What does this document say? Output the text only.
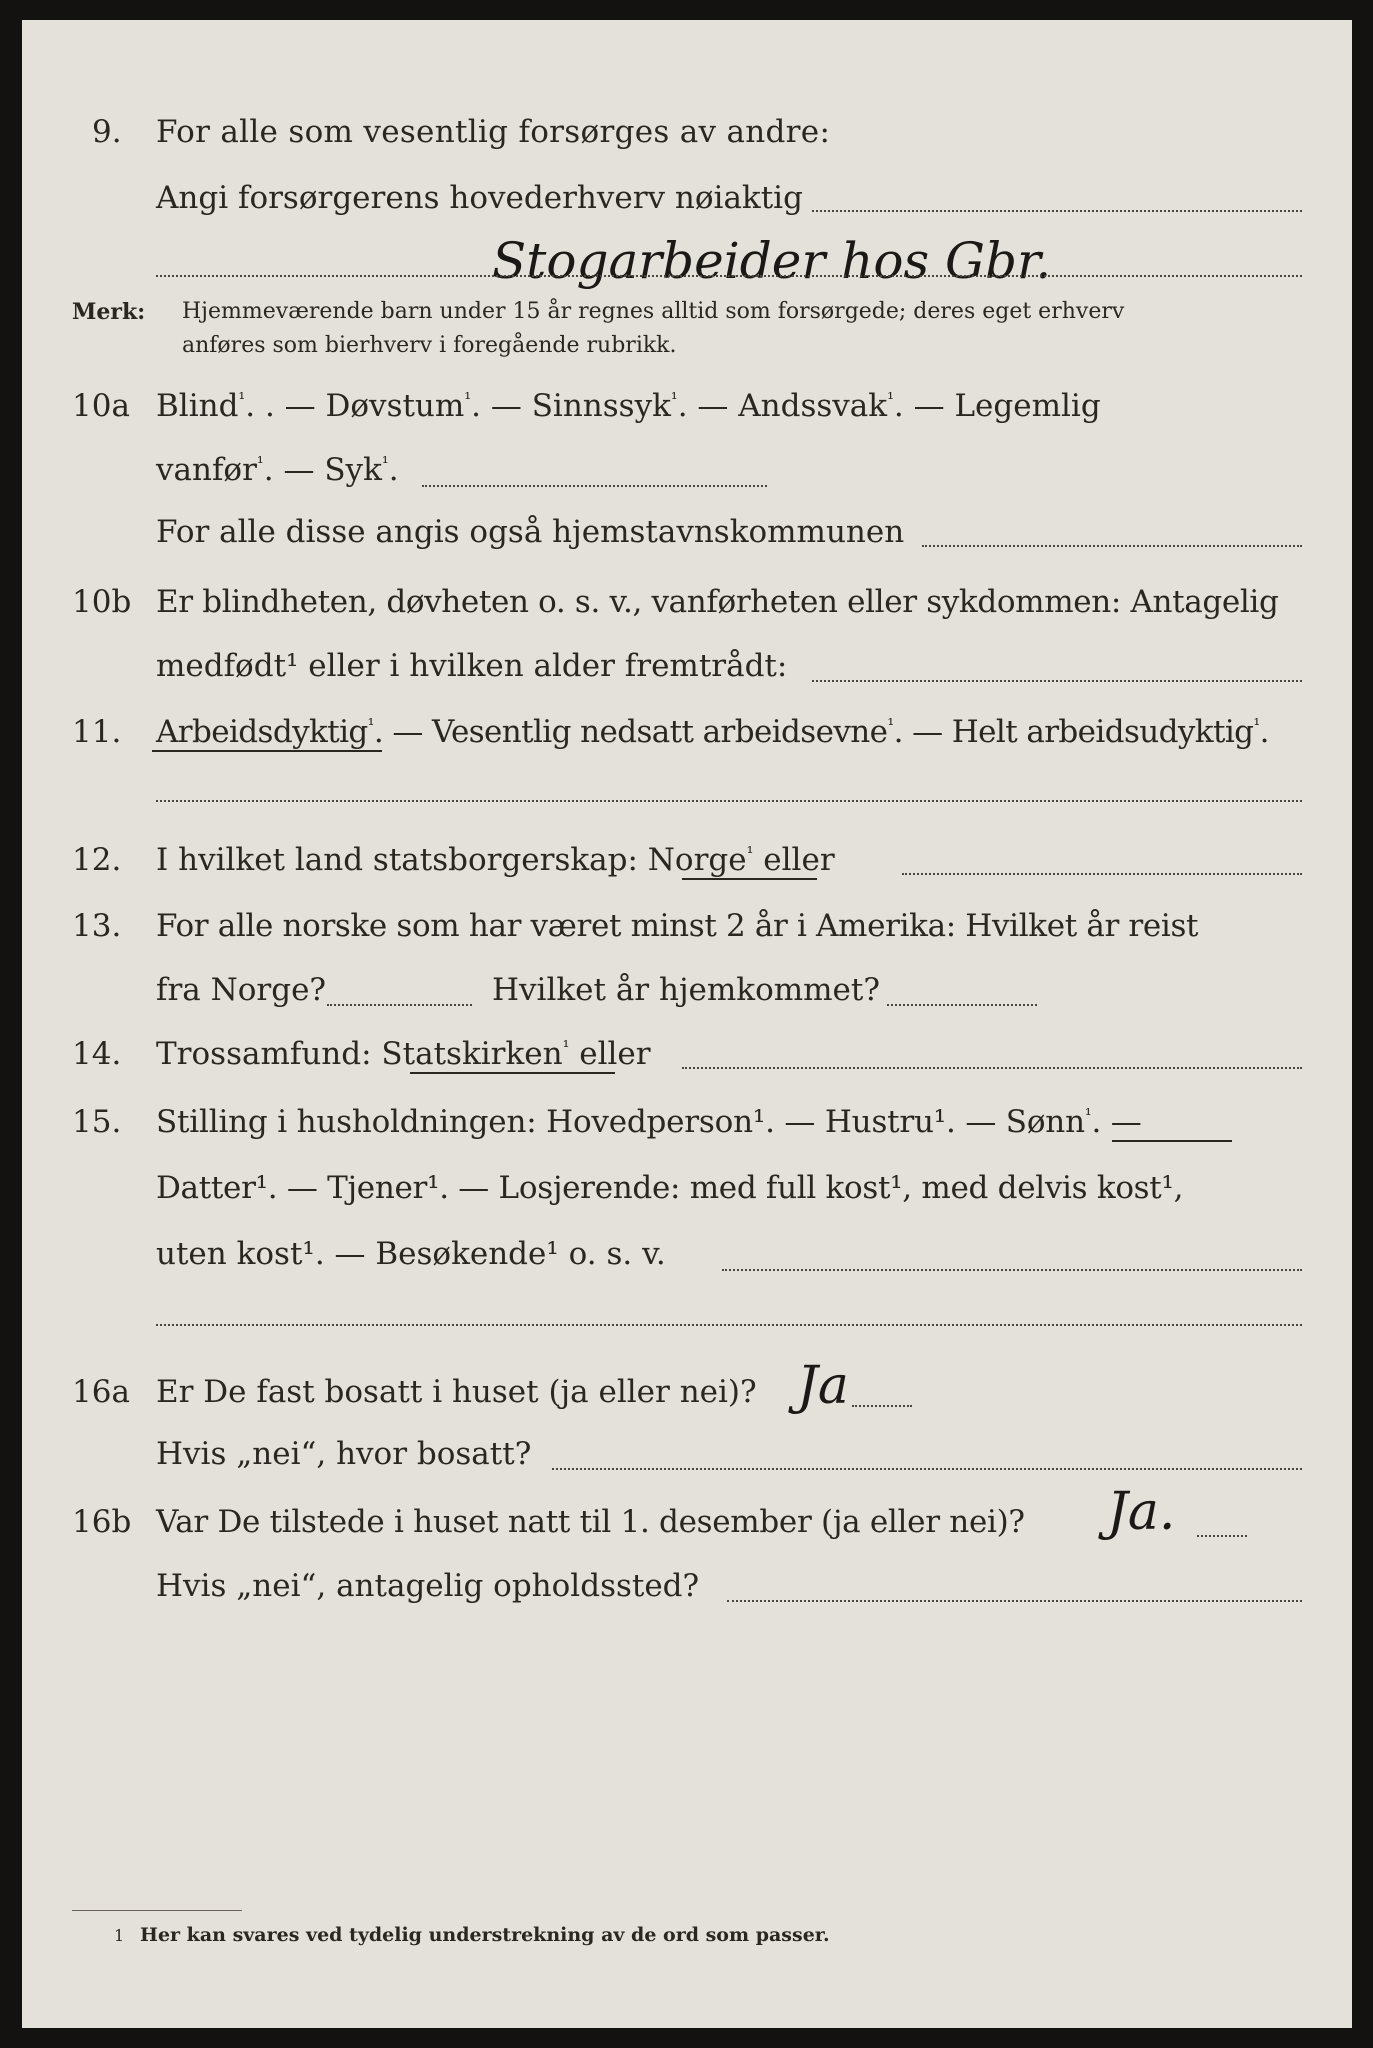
9. For alle som vesentlig forsørges av andre:
Angi forsørgerens hovederhverv nøiaktig
Stogarbeider hos Gbr.
Merk: Hjemmeværende barn under 15 år regnes alltid som forsørgede; deres eget erhverv
anføres som bierhverv i foregående rubrikk.
10a Blind$^{^1}$. . — Døvstum$^{^1}$. — Sinnssyk$^{^1}$. — Andssvak$^{^1}$. — Legemlig
vanfør$^{^1}$. — Syk$^{^1}$.
For alle disse angis også hjemstavnskommunen
10b Er blindheten, døvheten o. s. v., vanførheten eller sykdommen: Antagelig
medfødt¹ eller i hvilken alder fremtrådt:
11. Arbeidsdyktig$^{^1}$. — Vesentlig nedsatt arbeidsevne$^{^1}$. — Helt arbeidsudyktig$^{^1}$.
12. I hvilket land statsborgerskap: Norge$^{^1}$ eller
13. For alle norske som har været minst 2 år i Amerika: Hvilket år reist
fra Norge?	Hvilket år hjemkommet?
14. Trossamfund: Statskirken$^{^1}$ eller
15. Stilling i husholdningen: Hovedperson¹. — Hustru¹. — Sønn$^{^1}$. —
Datter¹. — Tjener¹. — Losjerende: med full kost¹, med delvis kost¹,
uten kost¹. — Besøkende¹ o. s. v.
16a Er De fast bosatt i huset (ja eller nei)? Ja
Hvis „nei“, hvor bosatt?
16b Var De tilstede i huset natt til 1. desember (ja eller nei)? Ja.
Hvis „nei“, antagelig opholdssted?
1 Her kan svares ved tydelig understrekning av de ord som passer.
